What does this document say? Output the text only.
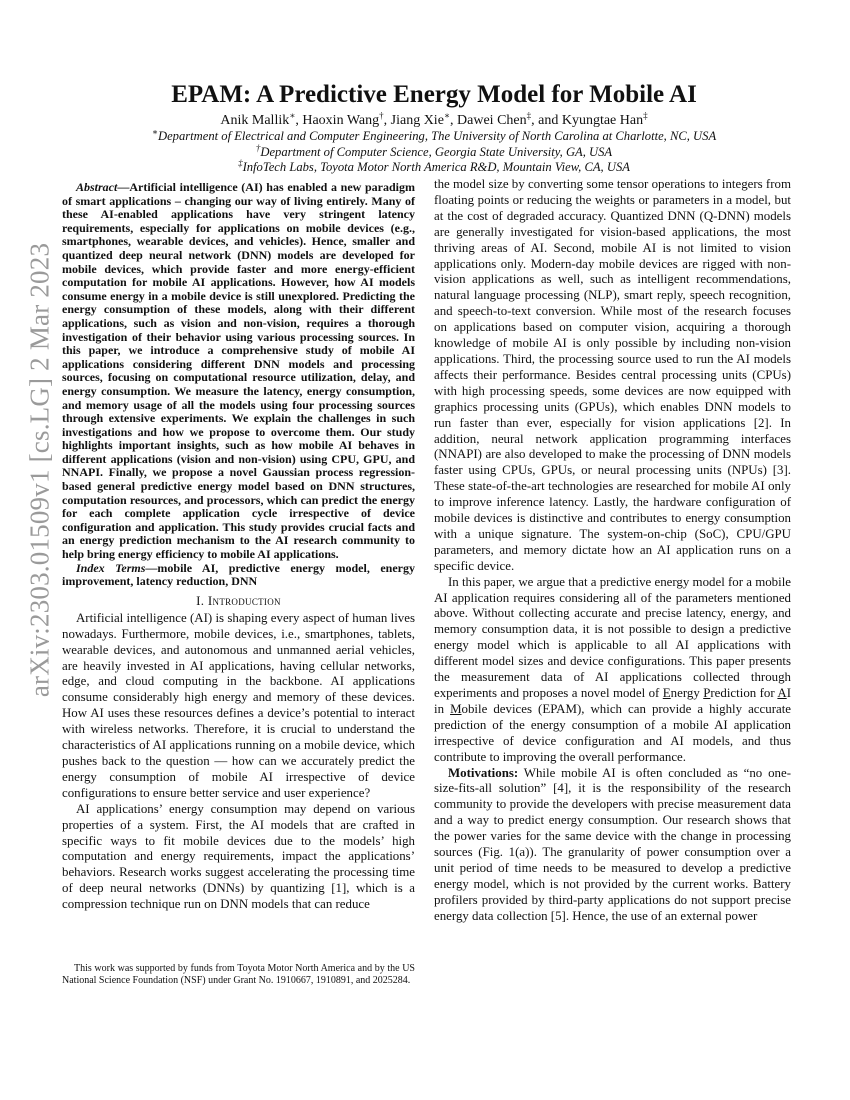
arXiv:2303.01509v1 [cs.LG] 2 Mar 2023
EPAM: A Predictive Energy Model for Mobile AI
Anik Mallik∗, Haoxin Wang†, Jiang Xie∗, Dawei Chen‡, and Kyungtae Han‡
∗Department of Electrical and Computer Engineering, The University of North Carolina at Charlotte, NC, USA
†Department of Computer Science, Georgia State University, GA, USA
‡InfoTech Labs, Toyota Motor North America R&D, Mountain View, CA, USA

Abstract—Artificial intelligence (AI) has enabled a new paradigm of smart applications – changing our way of living entirely. Many of these AI-enabled applications have very stringent latency requirements, especially for applications on mobile devices (e.g., smartphones, wearable devices, and vehicles). Hence, smaller and quantized deep neural network (DNN) models are developed for mobile devices, which provide faster and more energy-efficient computation for mobile AI applications. However, how AI models consume energy in a mobile device is still unexplored. Predicting the energy consumption of these models, along with their different applications, such as vision and non-vision, requires a thorough investigation of their behavior using various processing sources. In this paper, we introduce a comprehensive study of mobile AI applications considering different DNN models and processing sources, focusing on computational resource utilization, delay, and energy consumption. We measure the latency, energy consumption, and memory usage of all the models using four processing sources through extensive experiments. We explain the challenges in such investigations and how we propose to overcome them. Our study highlights important insights, such as how mobile AI behaves in different applications (vision and non-vision) using CPU, GPU, and NNAPI. Finally, we propose a novel Gaussian process regression-based general predictive energy model based on DNN structures, computation resources, and processors, which can predict the energy for each complete application cycle irrespective of device configuration and application. This study provides crucial facts and an energy prediction mechanism to the AI research community to help bring energy efficiency to mobile AI applications.

Index Terms—mobile AI, predictive energy model, energy improvement, latency reduction, DNN

I. Introduction

Artificial intelligence (AI) is shaping every aspect of human lives nowadays. Furthermore, mobile devices, i.e., smartphones, tablets, wearable devices, and autonomous and unmanned aerial vehicles, are heavily invested in AI applications, having cellular networks, edge, and cloud computing in the backbone. AI applications consume considerably high energy and memory of these devices. How AI uses these resources defines a device’s potential to interact with wireless networks. Therefore, it is crucial to understand the characteristics of AI applications running on a mobile device, which pushes back to the question — how can we accurately predict the energy consumption of mobile AI irrespective of device configurations to ensure better service and user experience?

AI applications’ energy consumption may depend on various properties of a system. First, the AI models that are crafted in specific ways to fit mobile devices due to the models’ high computation and energy requirements, impact the applications’ behaviors. Research works suggest accelerating the processing time of deep neural networks (DNNs) by quantizing [1], which is a compression technique run on DNN models that can reduce

This work was supported by funds from Toyota Motor North America and by the US National Science Foundation (NSF) under Grant No. 1910667, 1910891, and 2025284.

the model size by converting some tensor operations to integers from floating points or reducing the weights or parameters in a model, but at the cost of degraded accuracy. Quantized DNN (Q-DNN) models are generally investigated for vision-based applications, the most thriving areas of AI. Second, mobile AI is not limited to vision applications only. Modern-day mobile devices are rigged with non-vision applications as well, such as intelligent recommendations, natural language processing (NLP), smart reply, speech recognition, and speech-to-text conversion. While most of the research focuses on applications based on computer vision, acquiring a thorough knowledge of mobile AI is only possible by including non-vision applications. Third, the processing source used to run the AI models affects their performance. Besides central processing units (CPUs) with high processing speeds, some devices are now equipped with graphics processing units (GPUs), which enables DNN models to run faster than ever, especially for vision applications [2]. In addition, neural network application programming interfaces (NNAPI) are also developed to make the processing of DNN models faster using CPUs, GPUs, or neural processing units (NPUs) [3]. These state-of-the-art technologies are researched for mobile AI only to improve inference latency. Lastly, the hardware configuration of mobile devices is distinctive and contributes to energy consumption with a unique signature. The system-on-chip (SoC), CPU/GPU parameters, and memory dictate how an AI application runs on a specific device.

In this paper, we argue that a predictive energy model for a mobile AI application requires considering all of the parameters mentioned above. Without collecting accurate and precise latency, energy, and memory consumption data, it is not possible to design a predictive energy model which is applicable to all AI applications with different model sizes and device configurations. This paper presents the measurement data of AI applications collected through experiments and proposes a novel model of Energy Prediction for AI in Mobile devices (EPAM), which can provide a highly accurate prediction of the energy consumption of a mobile AI application irrespective of device configuration and AI models, and thus contribute to improving the overall performance.

Motivations: While mobile AI is often concluded as “no one-size-fits-all solution” [4], it is the responsibility of the research community to provide the developers with precise measurement data and a way to predict energy consumption. Our research shows that the power varies for the same device with the change in processing sources (Fig. 1(a)). The granularity of power consumption over a unit period of time needs to be measured to develop a predictive energy model, which is not provided by the current works. Battery profilers provided by third-party applications do not support precise energy data collection [5]. Hence, the use of an external power
